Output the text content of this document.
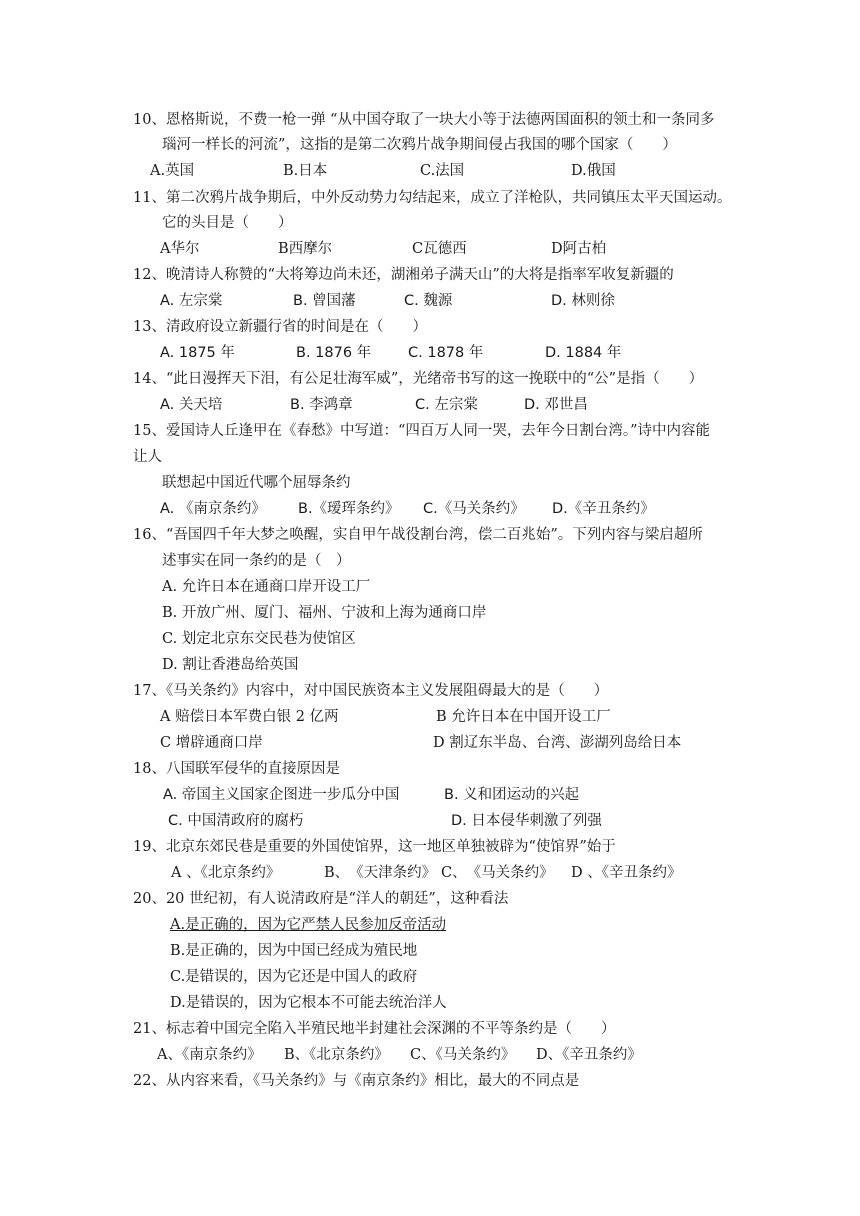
10、恩格斯说，不费一枪一弹 “从中国夺取了一块大小等于法德两国面积的领土和一条同多
瑙河一样长的河流”，这指的是第二次鸦片战争期间侵占我国的哪个国家（　　）
A.英国	B.日本	C.法国	D.俄国
11、第二次鸦片战争期后，中外反动势力勾结起来，成立了洋枪队，共同镇压太平天国运动。
它的头目是（　　）
A华尔	B西摩尔	C瓦德西	D阿古柏
12、晚清诗人称赞的“大将筹边尚未还，湖湘弟子满天山”的大将是指率军收复新疆的
A. 左宗棠	B. 曾国藩	C. 魏源	D. 林则徐
13、清政府设立新疆行省的时间是在（　　）
A. 1875 年	B. 1876 年	C. 1878 年	D. 1884 年
14、“此日漫挥天下泪，有公足壮海军威”，光绪帝书写的这一挽联中的“公”是指（　　）
A. 关天培	B. 李鸿章	C. 左宗棠	D. 邓世昌
15、爱国诗人丘逢甲在《春愁》中写道：“四百万人同一哭，去年今日割台湾。”诗中内容能
让人
联想起中国近代哪个屈辱条约
A. 《南京条约》 B.《瑷珲条约》 C.《马关条约》 D.《辛丑条约》
16、“吾国四千年大梦之唤醒，实自甲午战役割台湾，偿二百兆始”。下列内容与梁启超所
述事实在同一条约的是（　）
A. 允许日本在通商口岸开设工厂
B. 开放广州、厦门、福州、宁波和上海为通商口岸
C. 划定北京东交民巷为使馆区
D. 割让香港岛给英国
17、《马关条约》内容中，对中国民族资本主义发展阻碍最大的是（　　）
A 赔偿日本军费白银 2 亿两	B 允许日本在中国开设工厂
C 增辟通商口岸	D 割辽东半岛、台湾、澎湖列岛给日本
18、八国联军侵华的直接原因是
A. 帝国主义国家企图进一步瓜分中国	B. 义和团运动的兴起
C. 中国清政府的腐朽	D. 日本侵华刺激了列强
19、北京东郊民巷是重要的外国使馆界，这一地区单独被辟为“使馆界”始于
A 、《北京条约》	B、　《天津条约》 C、　《马关条约》 D 、《辛丑条约》
20、20 世纪初，有人说清政府是“洋人的朝廷”，这种看法
A.是正确的，因为它严禁人民参加反帝活动
B.是正确的，因为中国已经成为殖民地
C.是错误的，因为它还是中国人的政府
D.是错误的，因为它根本不可能去统治洋人
21、标志着中国完全陷入半殖民地半封建社会深渊的不平等条约是（　　）
A、《南京条约》 B、《北京条约》 C、《马关条约》 D、《辛丑条约》
22、从内容来看，《马关条约》与《南京条约》相比，最大的不同点是
